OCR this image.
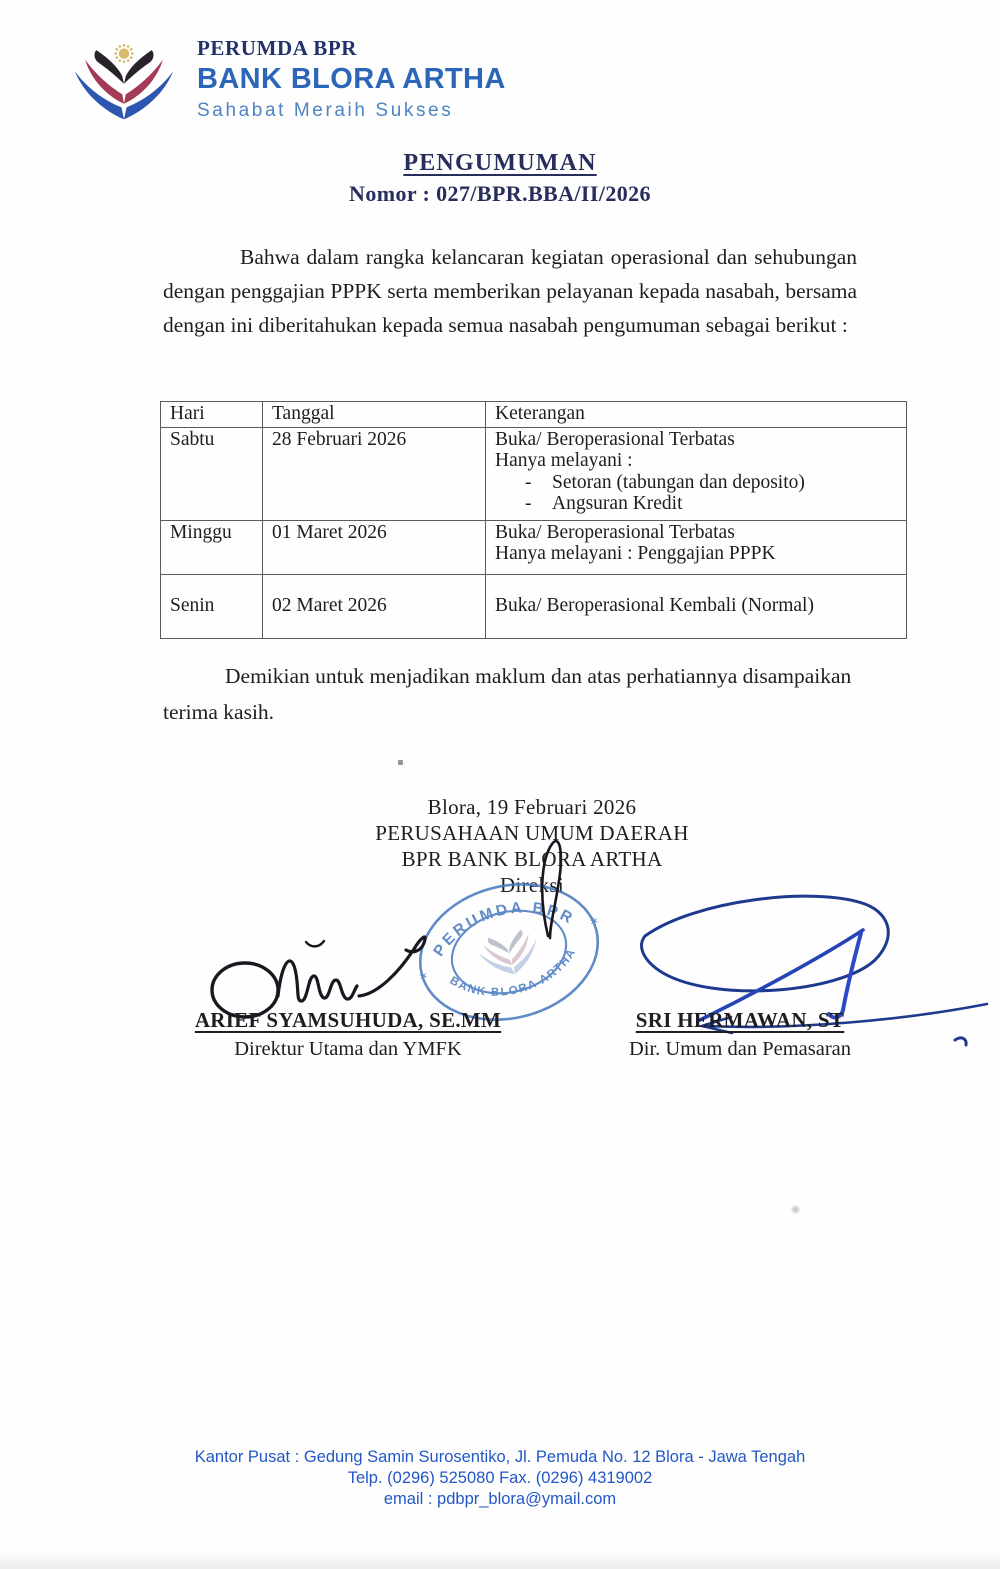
PERUMDA BPR
BANK BLORA ARTHA
Sahabat Meraih Sukses
PENGUMUMAN
Nomor : 027/BPR.BBA/II/2026

Bahwa dalam rangka kelancaran kegiatan operasional dan sehubungan dengan penggajian PPPK serta memberikan pelayanan kepada nasabah, bersama dengan ini diberitahukan kepada semua nasabah pengumuman sebagai berikut :

Hari	Tanggal	Keterangan
Sabtu	28 Februari 2026	Buka/ Beroperasional Terbatas
Hanya melayani :
- Setoran (tabungan dan deposito)
- Angsuran Kredit

Minggu	01 Maret 2026	Buka/ Beroperasional Terbatas
Hanya melayani : Penggajian PPPK

Senin	02 Maret 2026	Buka/ Beroperasional Kembali (Normal)

Demikian untuk menjadikan maklum dan atas perhatiannya disampaikan terima kasih.

Blora, 19 Februari 2026
PERUSAHAAN UMUM DAERAH
BPR BANK BLORA ARTHA
Direksi
PERUMDA BPR
BANK BLORA ARTHA
✶
✶
ARIEF SYAMSUHUDA, SE.MM
Direktur Utama dan YMFK
SRI HERMAWAN, ST
Dir. Umum dan Pemasaran
Kantor Pusat : Gedung Samin Surosentiko, Jl. Pemuda No. 12 Blora - Jawa Tengah
Telp. (0296) 525080 Fax. (0296) 4319002
email : pdbpr_blora@ymail.com
